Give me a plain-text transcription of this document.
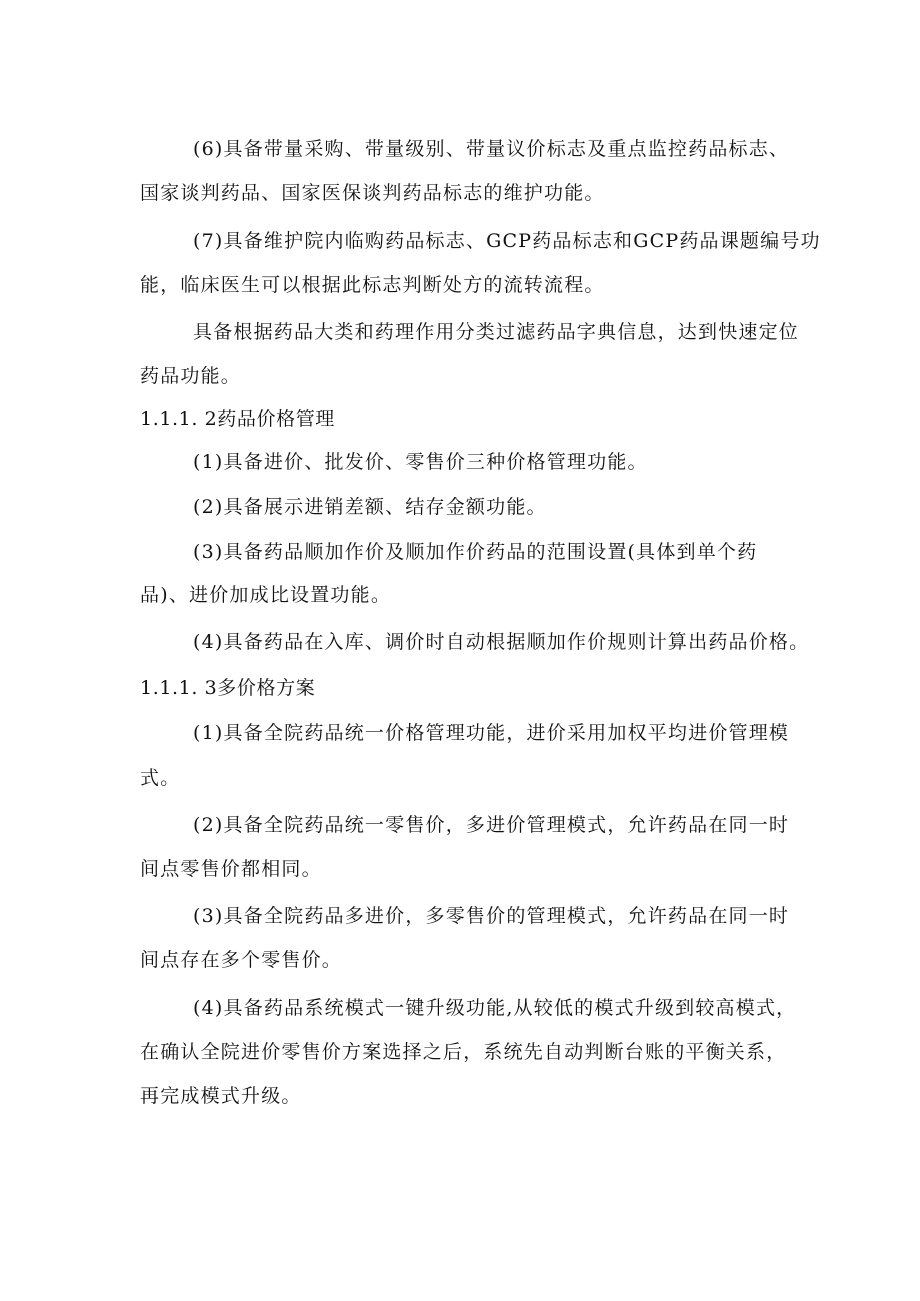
(6)具备带量采购、带量级别、带量议价标志及重点监控药品标志、
国家谈判药品、国家医保谈判药品标志的维护功能。
(7)具备维护院内临购药品标志、GCP药品标志和GCP药品课题编号功
能，临床医生可以根据此标志判断处方的流转流程。
具备根据药品大类和药理作用分类过滤药品字典信息，达到快速定位
药品功能。
1.1.1. 2药品价格管理
(1)具备进价、批发价、零售价三种价格管理功能。
(2)具备展示进销差额、结存金额功能。
(3)具备药品顺加作价及顺加作价药品的范围设置(具体到单个药
品)、进价加成比设置功能。
(4)具备药品在入库、调价时自动根据顺加作价规则计算出药品价格。
1.1.1. 3多价格方案
(1)具备全院药品统一价格管理功能，进价采用加权平均进价管理模
式。
(2)具备全院药品统一零售价，多进价管理模式，允许药品在同一时
间点零售价都相同。
(3)具备全院药品多进价，多零售价的管理模式，允许药品在同一时
间点存在多个零售价。
(4)具备药品系统模式一键升级功能,从较低的模式升级到较高模式，
在确认全院进价零售价方案选择之后，系统先自动判断台账的平衡关系，
再完成模式升级。
